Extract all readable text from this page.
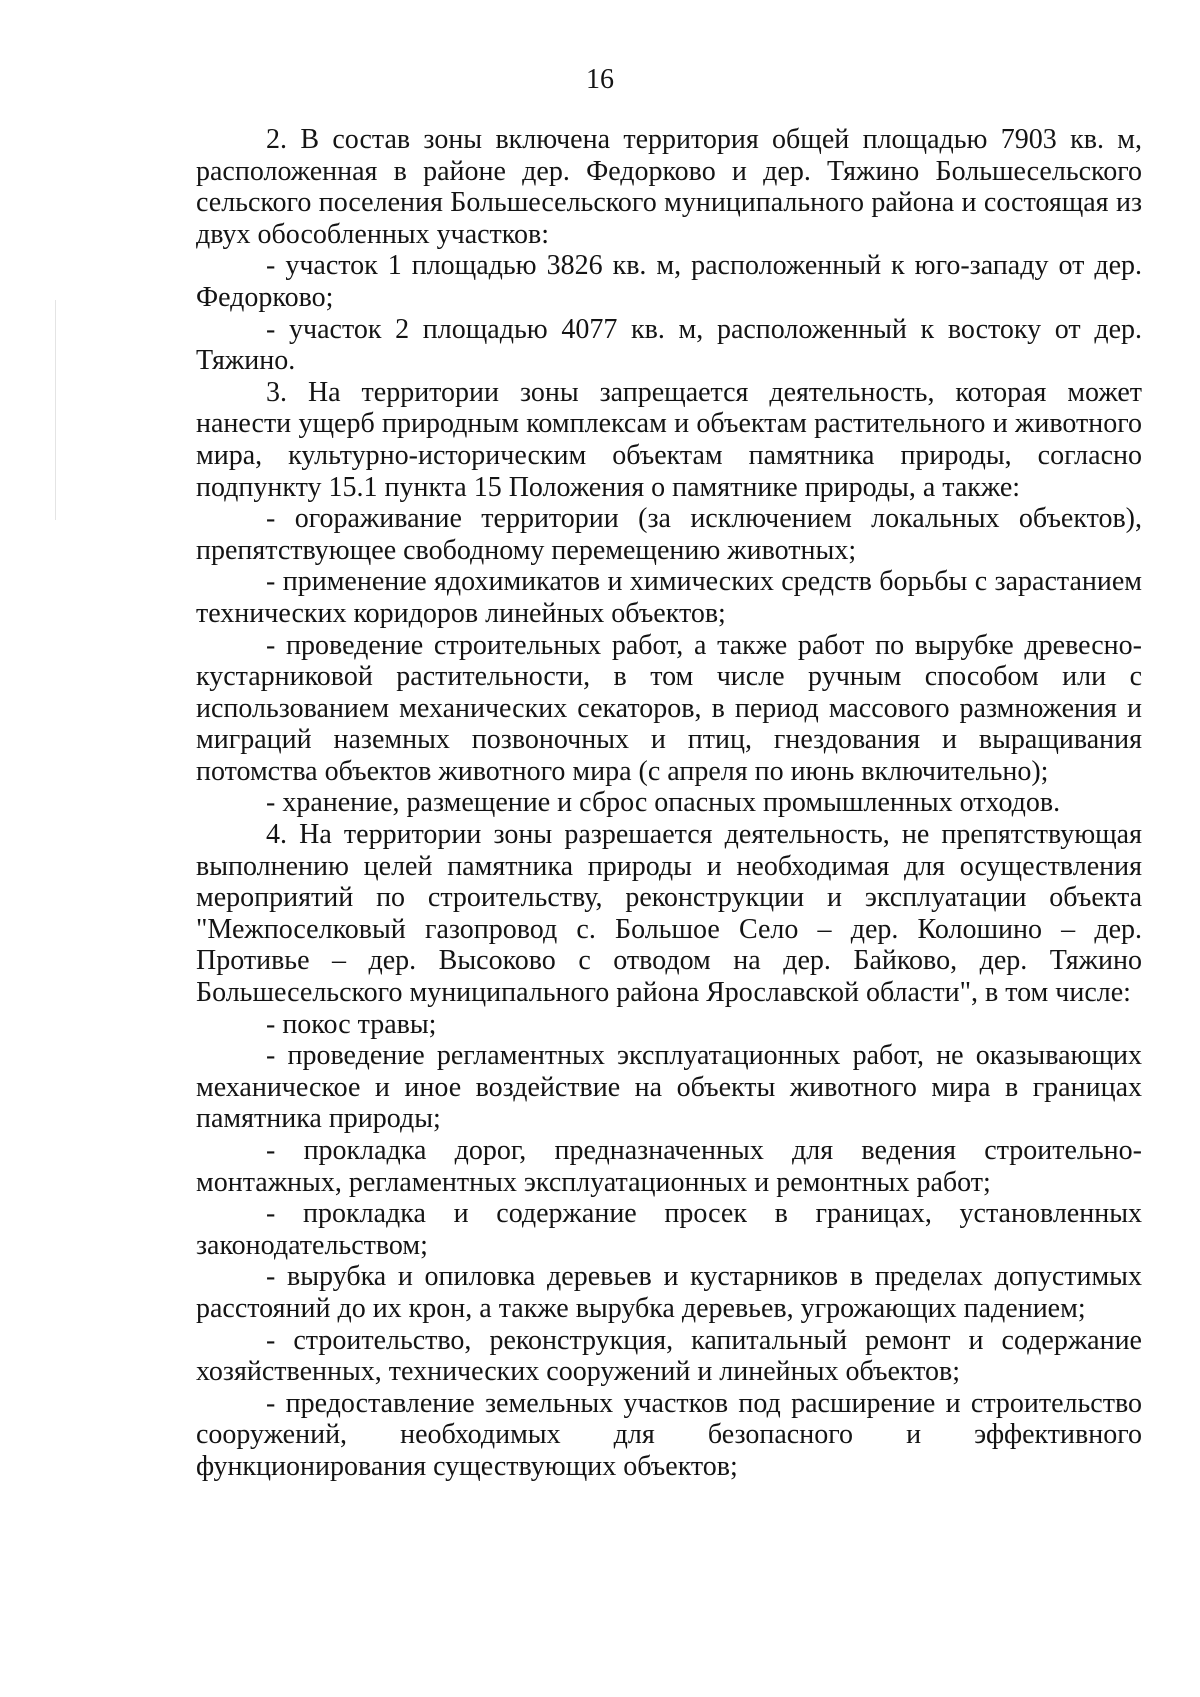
16

2. В состав зоны включена территория общей площадью 7903 кв. м, расположенная в районе дер. Федорково и дер. Тяжино Большесельского сельского поселения Большесельского муниципального района и состоящая из двух обособленных участков:

- участок 1 площадью 3826 кв. м, расположенный к юго-западу от дер. Федорково;

- участок 2 площадью 4077 кв. м, расположенный к востоку от дер. Тяжино.

3. На территории зоны запрещается деятельность, которая может нанести ущерб природным комплексам и объектам растительного и животного мира, культурно-историческим объектам памятника природы, согласно подпункту 15.1 пункта 15 Положения о памятнике природы, а также:

- огораживание территории (за исключением локальных объектов), препятствующее свободному перемещению животных;

- применение ядохимикатов и химических средств борьбы с зарастанием технических коридоров линейных объектов;

- проведение строительных работ, а также работ по вырубке древесно-кустарниковой растительности, в том числе ручным способом или с использованием механических секаторов, в период массового размножения и миграций наземных позвоночных и птиц, гнездования и выращивания потомства объектов животного мира (с апреля по июнь включительно);

- хранение, размещение и сброс опасных промышленных отходов.

4. На территории зоны разрешается деятельность, не препятствующая выполнению целей памятника природы и необходимая для осуществления мероприятий по строительству, реконструкции и эксплуатации объекта "Межпоселковый газопровод с. Большое Село – дер. Колошино – дер. Противье – дер. Высоково с отводом на дер. Байково, дер. Тяжино Большесельского муниципального района Ярославской области", в том числе:

- покос травы;

- проведение регламентных эксплуатационных работ, не оказывающих механическое и иное воздействие на объекты животного мира в границах памятника природы;

- прокладка дорог, предназначенных для ведения строительно-монтажных, регламентных эксплуатационных и ремонтных работ;

- прокладка и содержание просек в границах, установленных законодательством;

- вырубка и опиловка деревьев и кустарников в пределах допустимых расстояний до их крон, а также вырубка деревьев, угрожающих падением;

- строительство, реконструкция, капитальный ремонт и содержание хозяйственных, технических сооружений и линейных объектов;

- предоставление земельных участков под расширение и строительство сооружений, необходимых для безопасного и эффективного функционирования существующих объектов;
